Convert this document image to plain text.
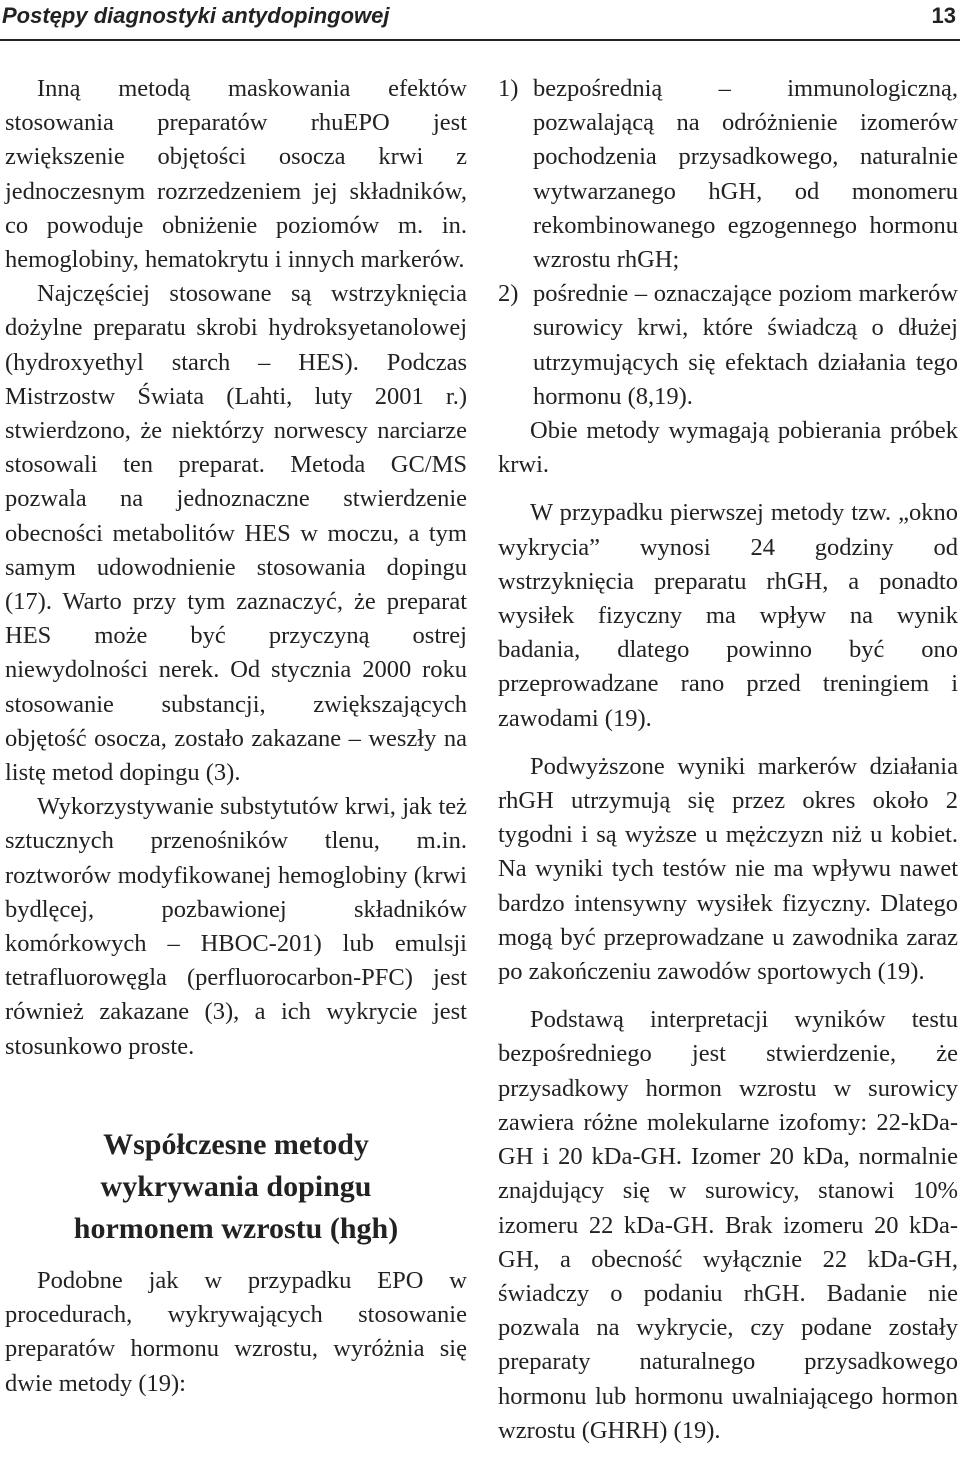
Postępy diagnostyki antydopingowej	13

Inną metodą maskowania efektów stosowania preparatów rhuEPO jest zwiększenie objętości osocza krwi z jednoczesnym rozrzedzeniem jej składników, co powoduje obniżenie poziomów m. in. hemoglobiny, hematokrytu i innych markerów.

Najczęściej stosowane są wstrzyknięcia dożylne preparatu skrobi hydroksyetanolowej (hydroxyethyl starch – HES). Podczas Mistrzostw Świata (Lahti, luty 2001 r.) stwierdzono, że niektórzy norwescy narciarze stosowali ten preparat. Metoda GC/MS pozwala na jednoznaczne stwierdzenie obecności metabolitów HES w moczu, a tym samym udowodnienie stosowania dopingu (17). Warto przy tym zaznaczyć, że preparat HES może być przyczyną ostrej niewydolności nerek. Od stycznia 2000 roku stosowanie substancji, zwiększających objętość osocza, zostało zakazane – weszły na listę metod dopingu (3).

Wykorzystywanie substytutów krwi, jak też sztucznych przenośników tlenu, m.in. roztworów modyfikowanej hemoglobiny (krwi bydlęcej, pozbawionej składników komórkowych – HBOC-201) lub emulsji tetrafluorowęgla (perfluorocarbon-PFC) jest również zakazane (3), a ich wykrycie jest stosunkowo proste.

Współczesne metody
wykrywania dopingu
hormonem wzrostu (hgh)

Podobne jak w przypadku EPO w procedurach, wykrywających stosowanie preparatów hormonu wzrostu, wyróżnia się dwie metody (19):

1) bezpośrednią – immunologiczną, pozwalającą na odróżnienie izomerów pochodzenia przysadkowego, naturalnie wytwarzanego hGH, od monomeru rekombinowanego egzogennego hormonu wzrostu rhGH;
2) pośrednie – oznaczające poziom markerów surowicy krwi, które świadczą o dłużej utrzymujących się efektach działania tego hormonu (8,19).

Obie metody wymagają pobierania próbek krwi.

W przypadku pierwszej metody tzw. „okno wykrycia” wynosi 24 godziny od wstrzyknięcia preparatu rhGH, a ponadto wysiłek fizyczny ma wpływ na wynik badania, dlatego powinno być ono przeprowadzane rano przed treningiem i zawodami (19).

Podwyższone wyniki markerów działania rhGH utrzymują się przez okres około 2 tygodni i są wyższe u mężczyzn niż u kobiet. Na wyniki tych testów nie ma wpływu nawet bardzo intensywny wysiłek fizyczny. Dlatego mogą być przeprowadzane u zawodnika zaraz po zakończeniu zawodów sportowych (19).

Podstawą interpretacji wyników testu bezpośredniego jest stwierdzenie, że przysadkowy hormon wzrostu w surowicy zawiera różne molekularne izofomy: 22-kDa-GH i 20 kDa-GH. Izomer 20 kDa, normalnie znajdujący się w surowicy, stanowi 10% izomeru 22 kDa-GH. Brak izomeru 20 kDa-GH, a obecność wyłącznie 22 kDa-GH, świadczy o podaniu rhGH. Badanie nie pozwala na wykrycie, czy podane zostały preparaty naturalnego przysadkowego hormonu lub hormonu uwalniającego hormon wzrostu (GHRH) (19).
